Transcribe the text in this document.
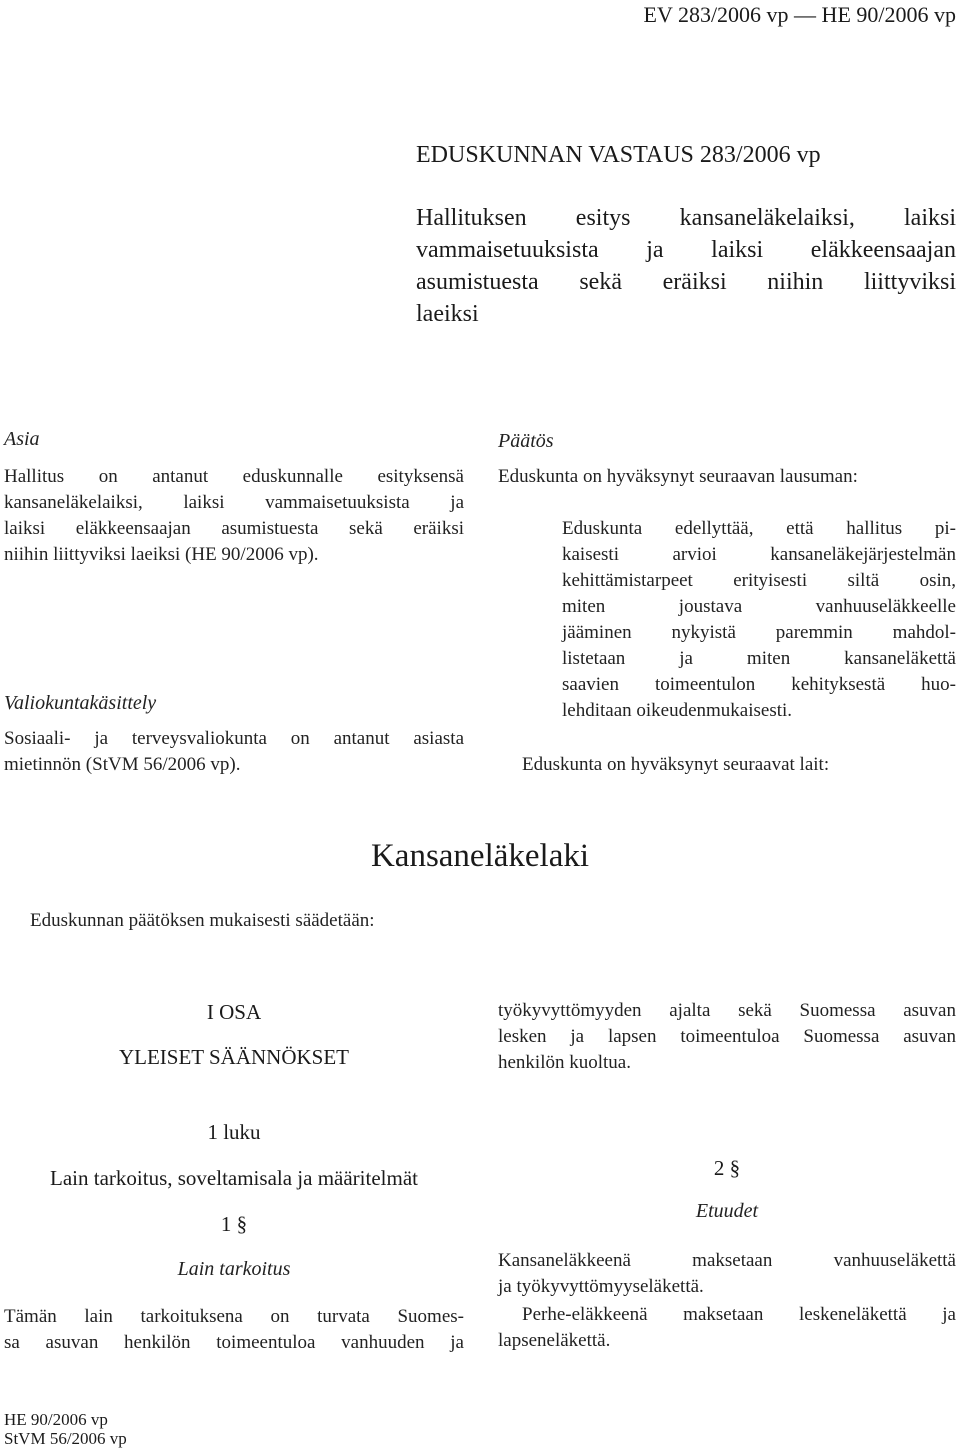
EV 283/2006 vp — HE 90/2006 vp
EDUSKUNNAN VASTAUS 283/2006 vp
Hallituksen esitys kansaneläkelaiksi, laiksi
vammaisetuuksista ja laiksi eläkkeensaajan
asumistuesta sekä eräiksi niihin liittyviksi
laeiksi
Asia
Hallitus on antanut eduskunnalle esityksensä
kansaneläkelaiksi, laiksi vammaisetuuksista ja
laiksi eläkkeensaajan asumistuesta sekä eräiksi
niihin liittyviksi laeiksi (HE 90/2006 vp).
Valiokuntakäsittely
Sosiaali- ja terveysvaliokunta on antanut asiasta
mietinnön (StVM 56/2006 vp).
Päätös
Eduskunta on hyväksynyt seuraavan lausuman:
Eduskunta edellyttää, että hallitus pi-
kaisesti arvioi kansaneläkejärjestelmän
kehittämistarpeet erityisesti siltä osin,
miten joustava vanhuuseläkkeelle
jääminen nykyistä paremmin mahdol-
listetaan ja miten kansaneläkettä
saavien toimeentulon kehityksestä huo-
lehditaan oikeudenmukaisesti.
Eduskunta on hyväksynyt seuraavat lait:
Kansaneläkelaki
Eduskunnan päätöksen mukaisesti säädetään:
I OSA
YLEISET SÄÄNNÖKSET
1 luku
Lain tarkoitus, soveltamisala ja määritelmät
1 §
Lain tarkoitus
Tämän lain tarkoituksena on turvata Suomes-
sa asuvan henkilön toimeentuloa vanhuuden ja
työkyvyttömyyden ajalta sekä Suomessa asuvan
lesken ja lapsen toimeentuloa Suomessa asuvan
henkilön kuoltua.
2 §
Etuudet
Kansaneläkkeenä maksetaan vanhuuseläkettä
ja työkyvyttömyyseläkettä.
Perhe-eläkkeenä maksetaan leskeneläkettä ja
lapseneläkettä.
HE 90/2006 vp
StVM 56/2006 vp
